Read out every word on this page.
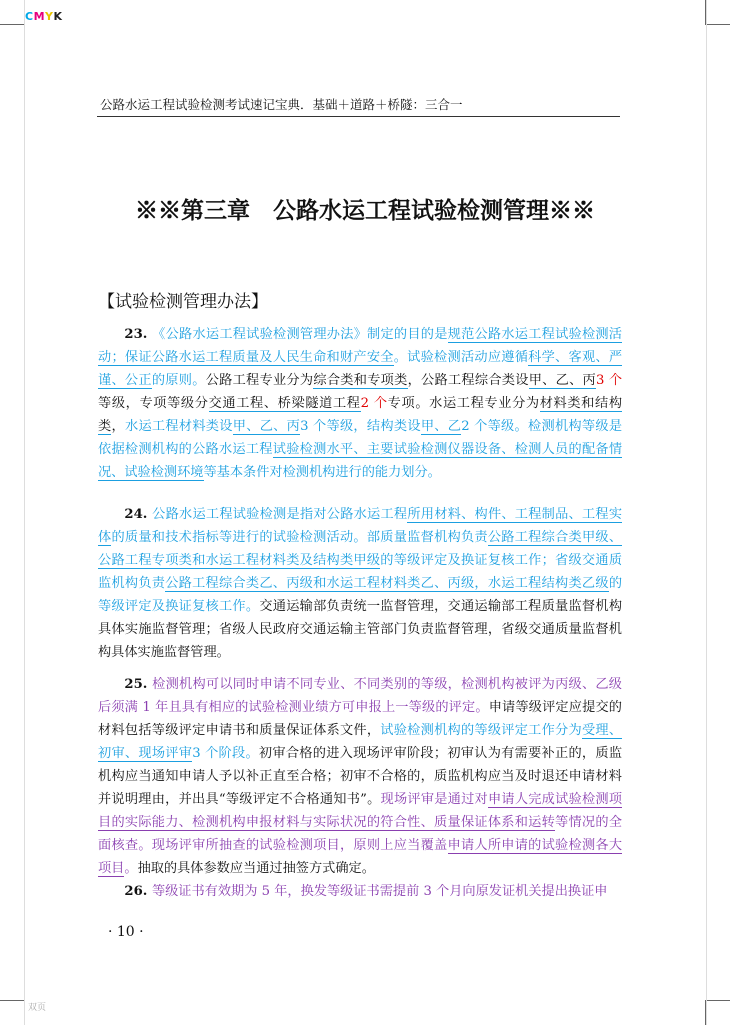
CMYK
公路水运工程试验检测考试速记宝典．基础＋道路＋桥隧：三合一
※※第三章　公路水运工程试验检测管理※※
【试验检测管理办法】

23. 《公路水运工程试验检测管理办法》制定的目的是规范公路水运工程试验检测活动；保证公路水运工程质量及人民生命和财产安全。试验检测活动应遵循科学、客观、严谨、公正的原则。公路工程专业分为综合类和专项类，公路工程综合类设甲、乙、丙3 个等级，专项等级分交通工程、桥梁隧道工程2 个专项。水运工程专业分为材料类和结构类，水运工程材料类设甲、乙、丙3 个等级，结构类设甲、乙2 个等级。检测机构等级是依据检测机构的公路水运工程试验检测水平、主要试验检测仪器设备、检测人员的配备情况、试验检测环境等基本条件对检测机构进行的能力划分。

24. 公路水运工程试验检测是指对公路水运工程所用材料、构件、工程制品、工程实体的质量和技术指标等进行的试验检测活动。部质量监督机构负责公路工程综合类甲级、公路工程专项类和水运工程材料类及结构类甲级的等级评定及换证复核工作；省级交通质监机构负责公路工程综合类乙、丙级和水运工程材料类乙、丙级，水运工程结构类乙级的等级评定及换证复核工作。交通运输部负责统一监督管理，交通运输部工程质量监督机构具体实施监督管理；省级人民政府交通运输主管部门负责监督管理，省级交通质量监督机构具体实施监督管理。

25. 检测机构可以同时申请不同专业、不同类别的等级，检测机构被评为丙级、乙级后须满 1 年且具有相应的试验检测业绩方可申报上一等级的评定。申请等级评定应提交的材料包括等级评定申请书和质量保证体系文件，试验检测机构的等级评定工作分为受理、初审、现场评审3 个阶段。初审合格的进入现场评审阶段；初审认为有需要补正的，质监机构应当通知申请人予以补正直至合格；初审不合格的，质监机构应当及时退还申请材料并说明理由，并出具“等级评定不合格通知书”。现场评审是通过对申请人完成试验检测项目的实际能力、检测机构申报材料与实际状况的符合性、质量保证体系和运转等情况的全面核查。现场评审所抽查的试验检测项目，原则上应当覆盖申请人所申请的试验检测各大项目。抽取的具体参数应当通过抽签方式确定。

26. 等级证书有效期为 5 年，换发等级证书需提前 3 个月向原发证机关提出换证申

· 10 ·
双页
